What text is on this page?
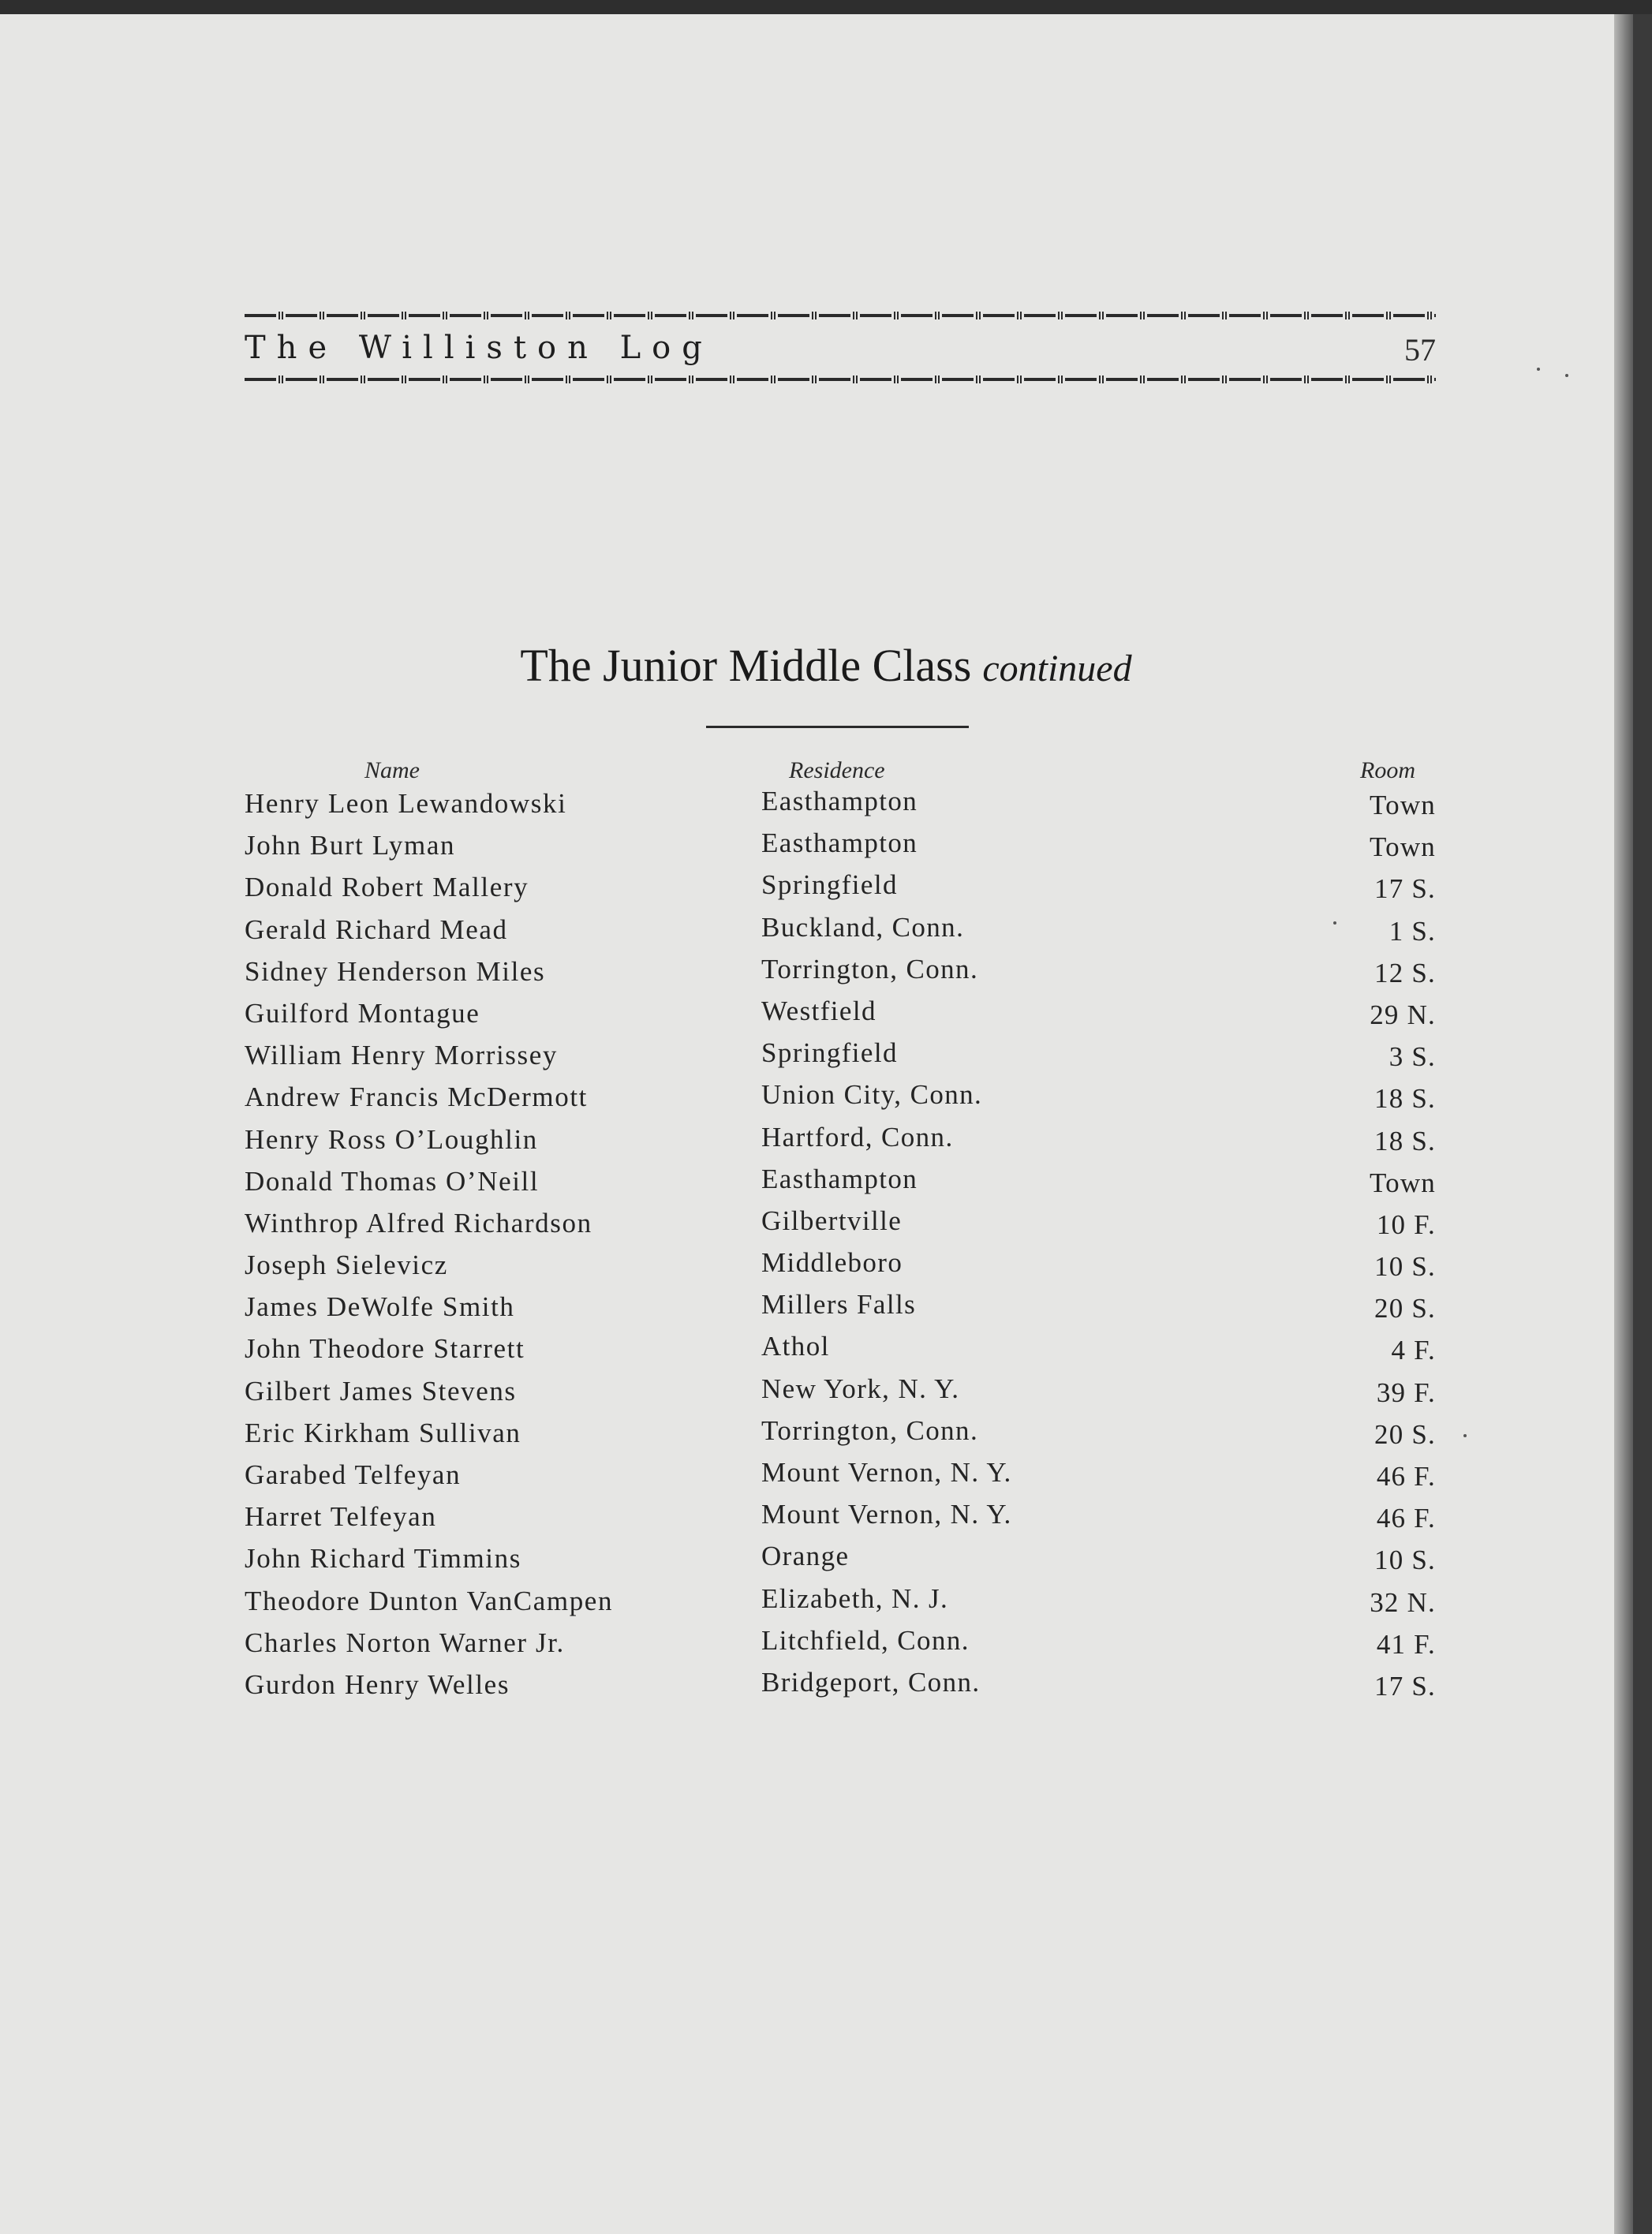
The Williston Log	57
The Junior Middle Class continued
Name	Residence	Room
Henry Leon Lewandowski	Easthampton	Town
John Burt Lyman	Easthampton	Town
Donald Robert Mallery	Springfield	17 S.
Gerald Richard Mead	Buckland, Conn.	1 S.
Sidney Henderson Miles	Torrington, Conn.	12 S.
Guilford Montague	Westfield	29 N.
William Henry Morrissey	Springfield	3 S.
Andrew Francis McDermott	Union City, Conn.	18 S.
Henry Ross O’Loughlin	Hartford, Conn.	18 S.
Donald Thomas O’Neill	Easthampton	Town
Winthrop Alfred Richardson	Gilbertville	10 F.
Joseph Sielevicz	Middleboro	10 S.
James DeWolfe Smith	Millers Falls	20 S.
John Theodore Starrett	Athol	4 F.
Gilbert James Stevens	New York, N. Y.	39 F.
Eric Kirkham Sullivan	Torrington, Conn.	20 S.
Garabed Telfeyan	Mount Vernon, N. Y.	46 F.
Harret Telfeyan	Mount Vernon, N. Y.	46 F.
John Richard Timmins	Orange	10 S.
Theodore Dunton VanCampen	Elizabeth, N. J.	32 N.
Charles Norton Warner Jr.	Litchfield, Conn.	41 F.
Gurdon Henry Welles	Bridgeport, Conn.	17 S.
